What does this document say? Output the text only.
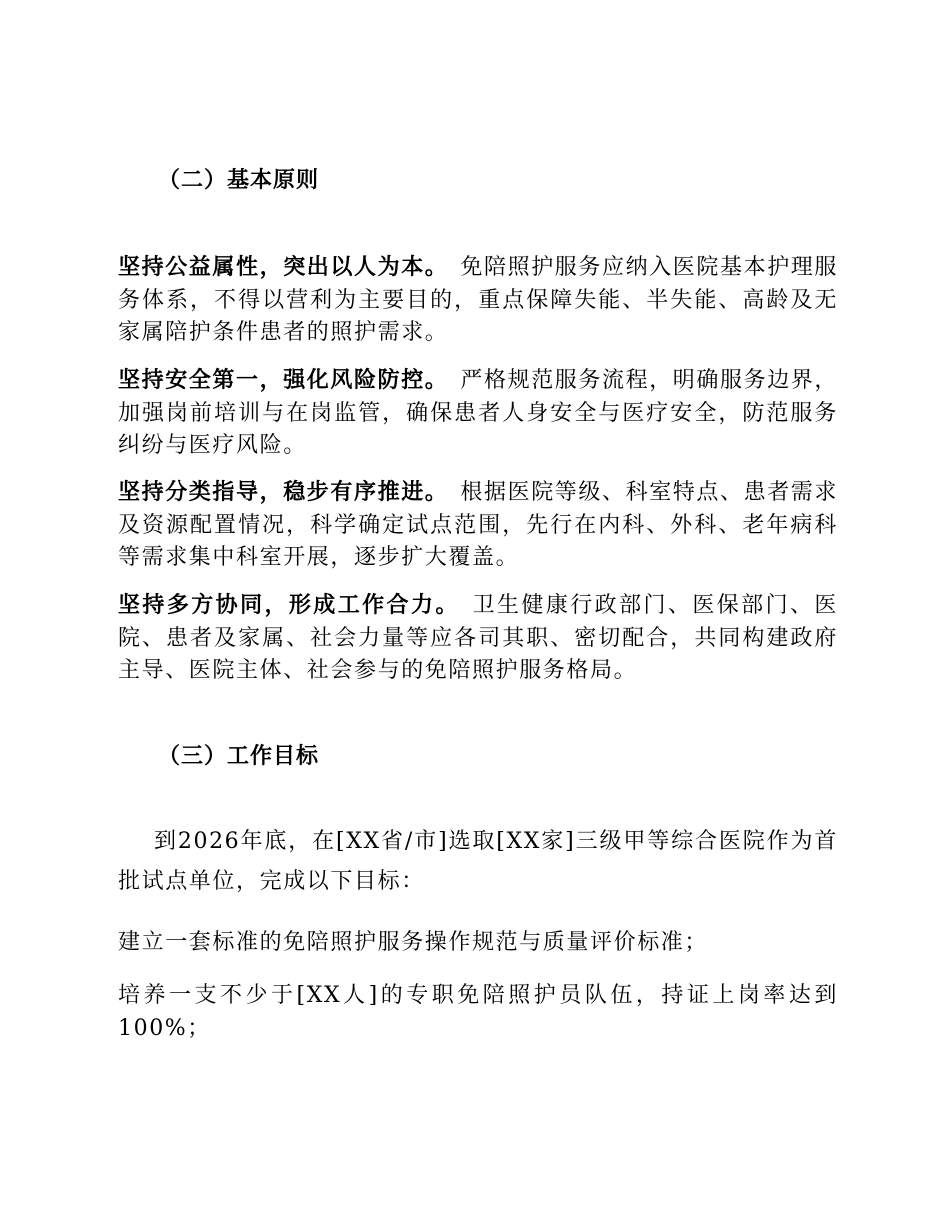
（二）基本原则

坚持公益属性，突出以人为本。 免陪照护服务应纳入医院基本护理服务体系，不得以营利为主要目的，重点保障失能、半失能、高龄及无家属陪护条件患者的照护需求。

坚持安全第一，强化风险防控。 严格规范服务流程，明确服务边界，加强岗前培训与在岗监管，确保患者人身安全与医疗安全，防范服务纠纷与医疗风险。

坚持分类指导，稳步有序推进。 根据医院等级、科室特点、患者需求及资源配置情况，科学确定试点范围，先行在内科、外科、老年病科等需求集中科室开展，逐步扩大覆盖。

坚持多方协同，形成工作合力。 卫生健康行政部门、医保部门、医院、患者及家属、社会力量等应各司其职、密切配合，共同构建政府主导、医院主体、社会参与的免陪照护服务格局。

（三）工作目标

到2026年底，在[XX省/市]选取[XX家]三级甲等综合医院作为首批试点单位，完成以下目标：

建立一套标准的免陪照护服务操作规范与质量评价标准；

培养一支不少于[XX人]的专职免陪照护员队伍，持证上岗率达到100%；
